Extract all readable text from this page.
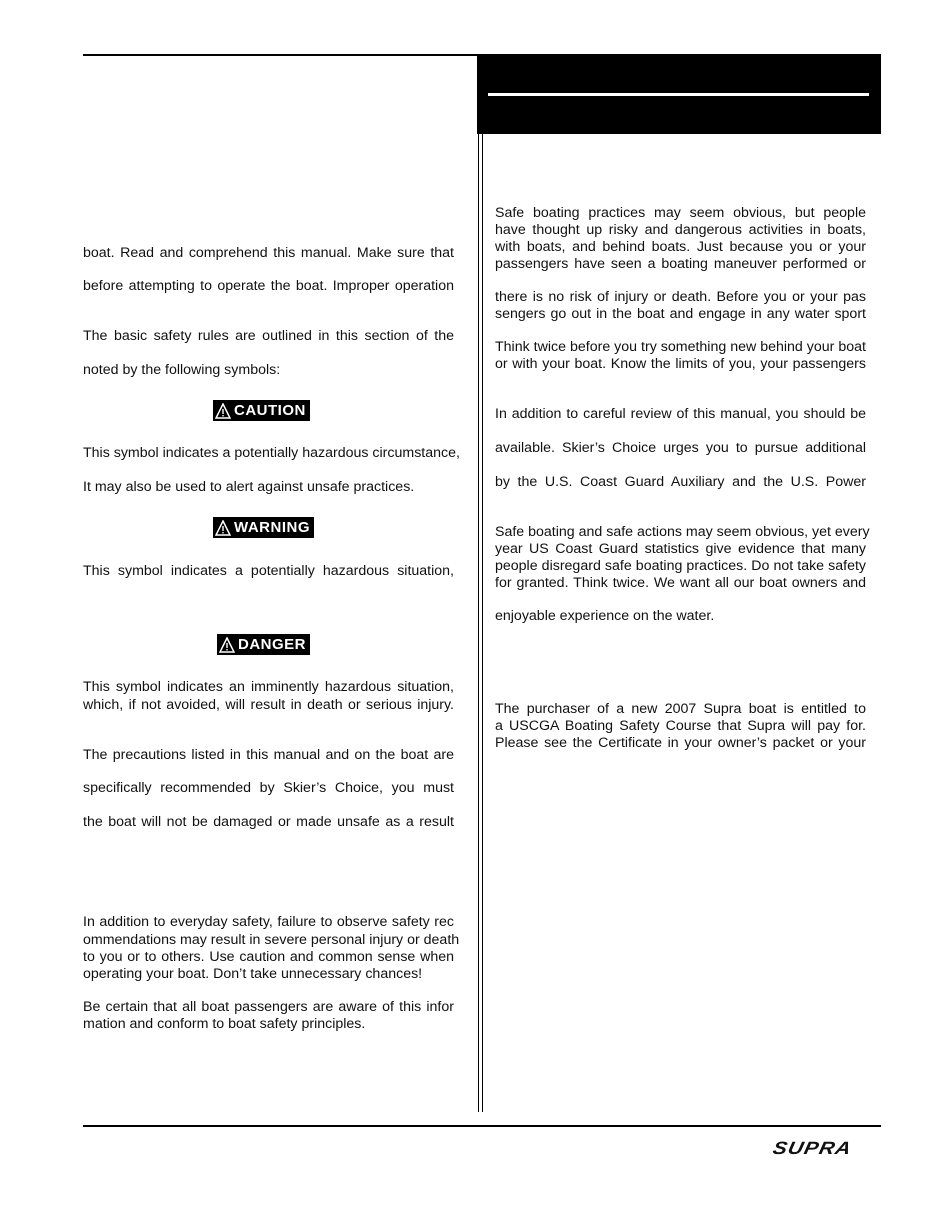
boat. Read and comprehend this manual. Make sure that
before attempting to operate the boat. Improper operation
The basic safety rules are outlined in this section of the
noted by the following symbols:
This symbol indicates a potentially hazardous circumstance,
It may also be used to alert against unsafe practices.
This symbol indicates a potentially hazardous situation,
This symbol indicates an imminently hazardous situation,
which, if not avoided, will result in death or serious injury.
The precautions listed in this manual and on the boat are
specifically recommended by Skier’s Choice, you must
the boat will not be damaged or made unsafe as a result
In addition to everyday safety, failure to observe safety rec
ommendations may result in severe personal injury or death
to you or to others. Use caution and common sense when
operating your boat. Don’t take unnecessary chances!
Be certain that all boat passengers are aware of this infor
mation and conform to boat safety principles.
Safe boating practices may seem obvious, but people
have thought up risky and dangerous activities in boats,
with boats, and behind boats. Just because you or your
passengers have seen a boating maneuver performed or
there is no risk of injury or death. Before you or your pas
sengers go out in the boat and engage in any water sport
Think twice before you try something new behind your boat
or with your boat. Know the limits of you, your passengers
In addition to careful review of this manual, you should be
available. Skier’s Choice urges you to pursue additional
by the U.S. Coast Guard Auxiliary and the U.S. Power
Safe boating and safe actions may seem obvious, yet every
year US Coast Guard statistics give evidence that many
people disregard safe boating practices. Do not take safety
for granted. Think twice. We want all our boat owners and
enjoyable experience on the water.
The purchaser of a new 2007 Supra boat is entitled to
a USCGA Boating Safety Course that Supra will pay for.
Please see the Certificate in your owner’s packet or your
CAUTION
WARNING
DANGER
SUPRA
